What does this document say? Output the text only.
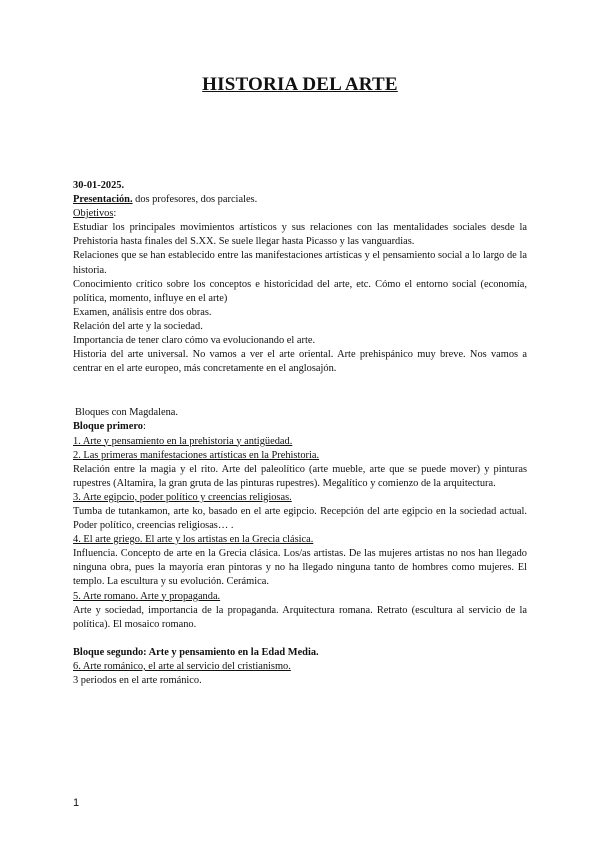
HISTORIA DEL ARTE

30-01-2025.

Presentación. dos profesores, dos parciales.

Objetivos:

Estudiar los principales movimientos artísticos y sus relaciones con las mentalidades sociales desde la Prehistoria hasta finales del S.XX. Se suele llegar hasta Picasso y las vanguardias.

Relaciones que se han establecido entre las manifestaciones artísticas y el pensamiento social a lo largo de la historia.

Conocimiento crítico sobre los conceptos e historicidad del arte, etc. Cómo el entorno social (economía, política, momento, influye en el arte)

Examen, análisis entre dos obras.

Relación del arte y la sociedad.

Importancia de tener claro cómo va evolucionando el arte.

Historia del arte universal. No vamos a ver el arte oriental. Arte prehispánico muy breve. Nos vamos a centrar en el arte europeo, más concretamente en el anglosajón.

Bloques con Magdalena.

Bloque primero:

1. Arte y pensamiento en la prehistoria y antigüedad.

2. Las primeras manifestaciones artísticas en la Prehistoria.

Relación entre la magia y el rito. Arte del paleolítico (arte mueble, arte que se puede mover) y pinturas rupestres (Altamira, la gran gruta de las pinturas rupestres). Megalítico y comienzo de la arquitectura.

3. Arte egipcio, poder político y creencias religiosas.

Tumba de tutankamon, arte ko, basado en el arte egipcio. Recepción del arte egipcio en la sociedad actual. Poder político, creencias religiosas… .

4. El arte griego. El arte y los artistas en la Grecia clásica.

Influencia. Concepto de arte en la Grecia clásica. Los/as artistas. De las mujeres artistas no nos han llegado ninguna obra, pues la mayoría eran pintoras y no ha llegado ninguna tanto de hombres como mujeres. El templo. La escultura y su evolución. Cerámica.

5. Arte romano. Arte y propaganda.

Arte y sociedad, importancia de la propaganda. Arquitectura romana. Retrato (escultura al servicio de la política). El mosaico romano.

Bloque segundo: Arte y pensamiento en la Edad Media.

6. Arte románico, el arte al servicio del cristianismo.

3 periodos en el arte románico.

1
